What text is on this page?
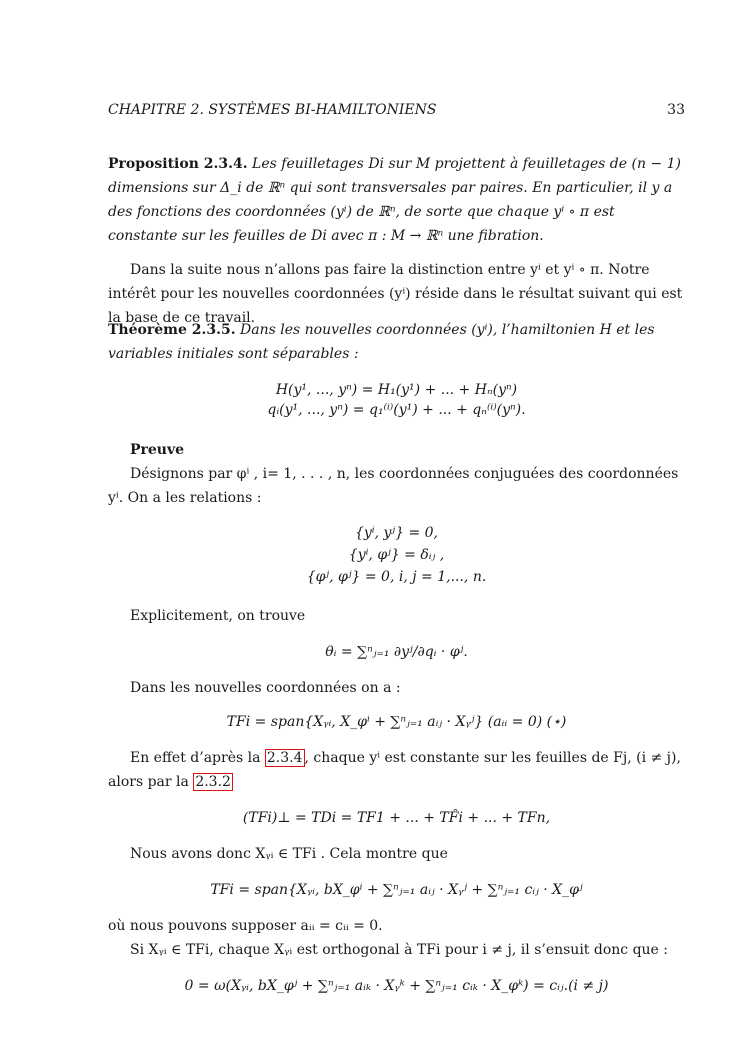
CHAPITRE 2. SYSTÈMES BI-HAMILTONIENS	33
Proposition 2.3.4. Les feuilletages Di sur M projettent à feuilletages de (n − 1) dimensions sur Δ_i de ℝⁿ qui sont transversales par paires. En particulier, il y a des fonctions des coordonnées (yⁱ) de ℝⁿ, de sorte que chaque yⁱ ∘ π est constante sur les feuilles de Di avec π : M → ℝⁿ une fibration.
Dans la suite nous n’allons pas faire la distinction entre yⁱ et yⁱ ∘ π. Notre intérêt pour les nouvelles coordonnées (yⁱ) réside dans le résultat suivant qui est la base de ce travail.
Théorème 2.3.5. Dans les nouvelles coordonnées (yⁱ), l’hamiltonien H et les variables initiales sont séparables :
H(y¹, ..., yⁿ) = H₁(y¹) + ... + Hₙ(yⁿ)
qᵢ(y¹, ..., yⁿ) = q₁⁽ⁱ⁾(y¹) + ... + qₙ⁽ⁱ⁾(yⁿ).
Preuve
Désignons par φⁱ , i= 1, . . . , n, les coordonnées conjuguées des coordonnées yⁱ. On a les relations :
{yⁱ, yʲ} = 0,
{yⁱ, φʲ} = δᵢⱼ ,
{φʲ, φʲ} = 0, i, j = 1,..., n.
Explicitement, on trouve
θᵢ = ∑ⁿⱼ₌₁ ∂yʲ/∂qᵢ · φʲ.
Dans les nouvelles coordonnées on a :
TFi = span{Xᵧᵢ, X_φⁱ + ∑ⁿⱼ₌₁ aᵢⱼ · Xᵧʲ} (aᵢᵢ = 0) (⋆)
En effet d’après la 2.3.4 , chaque yⁱ est constante sur les feuilles de Fj, (i ≠ j), alors par la 2.3.2
(TFi)⊥ = TDi = TF1 + ... + TF̂i + ... + TFn,
Nous avons donc Xᵧᵢ ∈ TFi . Cela montre que
TFi = span{Xᵧᵢ, bX_φⁱ + ∑ⁿⱼ₌₁ aᵢⱼ · Xᵧʲ + ∑ⁿⱼ₌₁ cᵢⱼ · X_φʲ
où nous pouvons supposer aᵢᵢ = cᵢᵢ = 0.
Si Xᵧᵢ ∈ TFi, chaque Xᵧᵢ est orthogonal à TFi pour i ≠ j, il s’ensuit donc que :
0 = ω(Xᵧᵢ, bX_φʲ + ∑ⁿⱼ₌₁ aᵢₖ · Xᵧᵏ + ∑ⁿⱼ₌₁ cᵢₖ · X_φᵏ) = cᵢⱼ.(i ≠ j)
